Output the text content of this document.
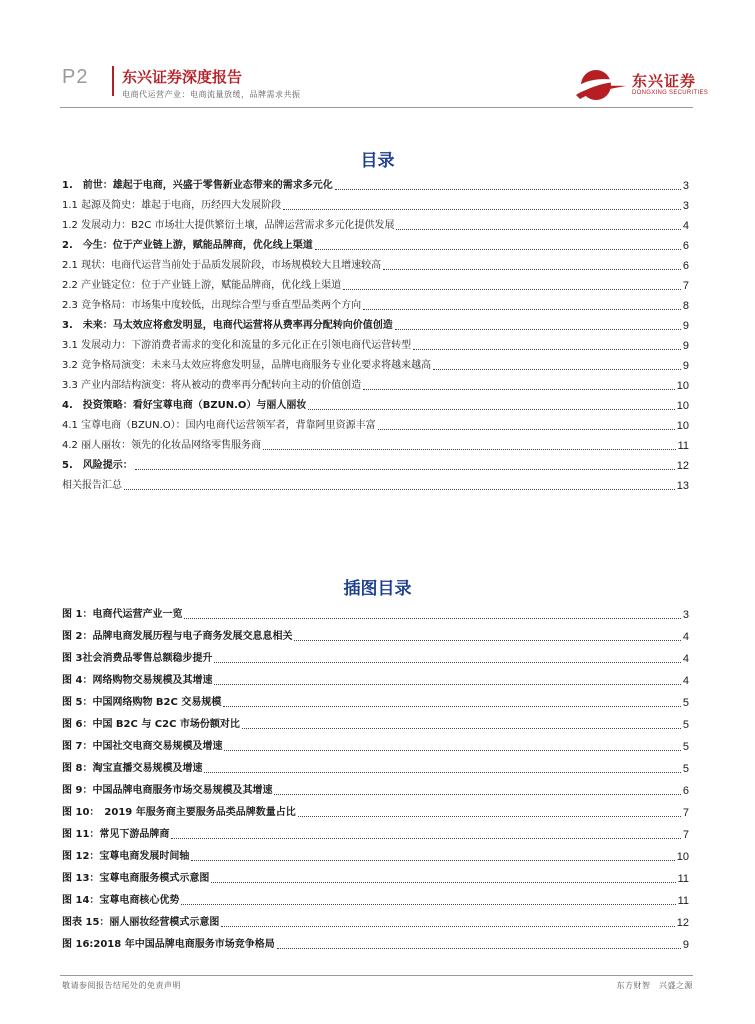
P2 东兴证券深度报告
电商代运营产业：电商流量放缓，品牌需求共振
东兴证券
DONGXING SECURITIES
目录
1.　前世：雄起于电商，兴盛于零售新业态带来的需求多元化	3
1.1 起源及简史：雄起于电商，历经四大发展阶段	3
1.2 发展动力：B2C 市场壮大提供繁衍土壤，品牌运营需求多元化提供发展	4
2.　今生：位于产业链上游，赋能品牌商，优化线上渠道	6
2.1 现状：电商代运营当前处于品质发展阶段，市场规模较大且增速较高	6
2.2 产业链定位：位于产业链上游，赋能品牌商，优化线上渠道	7
2.3 竞争格局：市场集中度较低，出现综合型与垂直型品类两个方向	8
3.　未来：马太效应将愈发明显，电商代运营将从费率再分配转向价值创造	9
3.1 发展动力：下游消费者需求的变化和流量的多元化正在引领电商代运营转型	9
3.2 竞争格局演变：未来马太效应将愈发明显，品牌电商服务专业化要求将越来越高	9
3.3 产业内部结构演变：将从被动的费率再分配转向主动的价值创造	10
4.　投资策略：看好宝尊电商（BZUN.O）与丽人丽妆	10
4.1 宝尊电商（BZUN.O）：国内电商代运营领军者，背靠阿里资源丰富	10
4.2 丽人丽妆：领先的化妆品网络零售服务商	11
5.　风险提示：	12
相关报告汇总	13
插图目录
图 1：电商代运营产业一览	3
图 2：品牌电商发展历程与电子商务发展交息息相关	4
图 3社会消费品零售总额稳步提升	4
图 4：网络购物交易规模及其增速	4
图 5：中国网络购物 B2C 交易规模	5
图 6：中国 B2C 与 C2C 市场份额对比	5
图 7：中国社交电商交易规模及增速	5
图 8：淘宝直播交易规模及增速	5
图 9：中国品牌电商服务市场交易规模及其增速	6
图 10：　2019 年服务商主要服务品类品牌数量占比	7
图 11：常见下游品牌商	7
图 12：宝尊电商发展时间轴	10
图 13：宝尊电商服务模式示意图	11
图 14：宝尊电商核心优势	11
图表 15：丽人丽妆经营模式示意图	12
图 16:2018 年中国品牌电商服务市场竞争格局	9
敬请参阅报告结尾处的免责声明	东方财智　兴盛之源
